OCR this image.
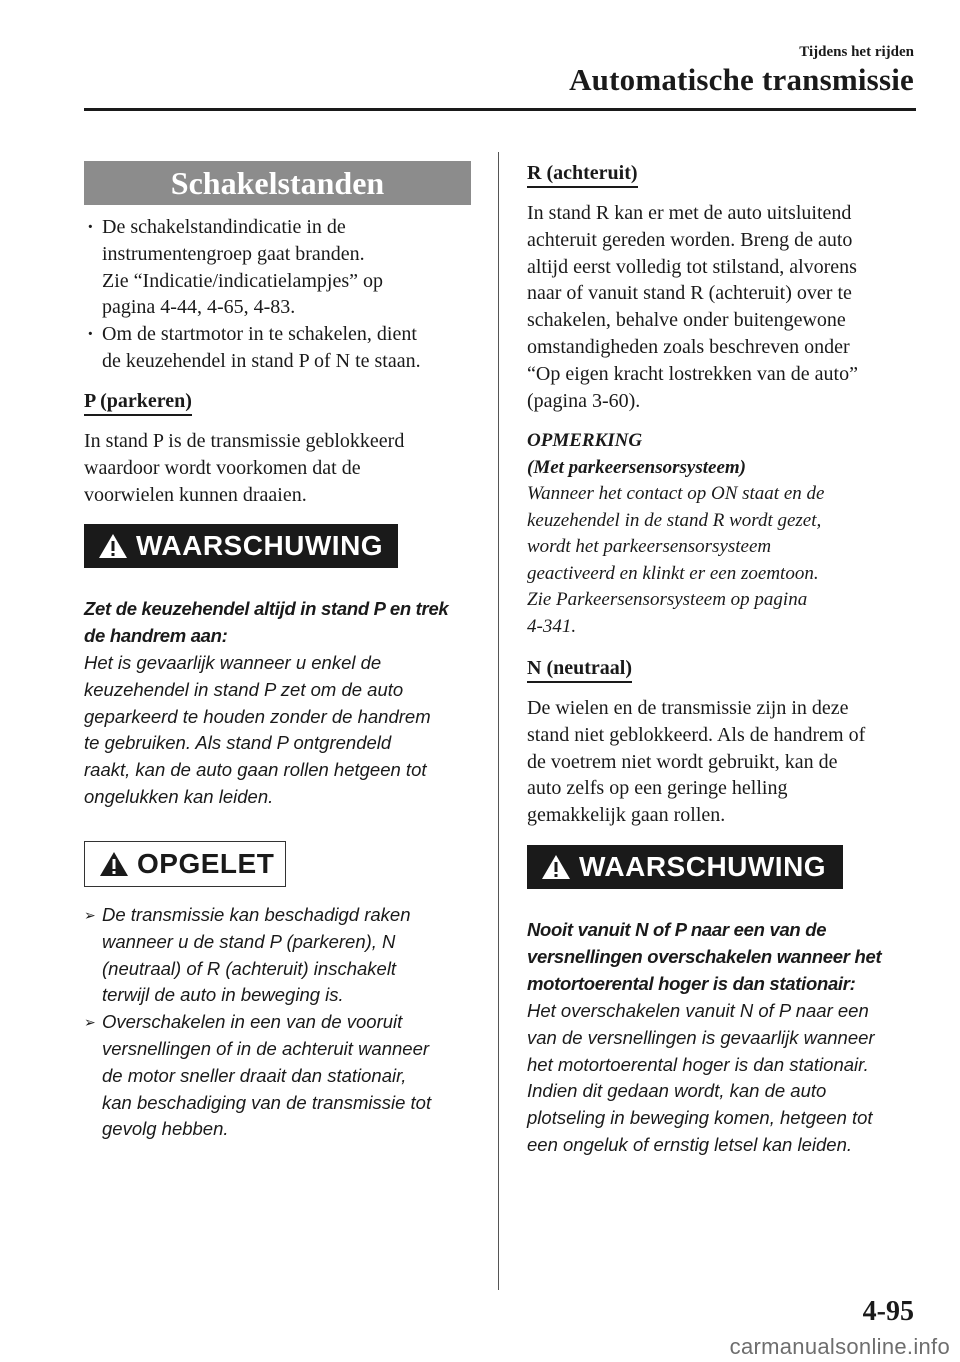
Tijdens het rijden
Automatische transmissie
Schakelstanden
· De schakelstandindicatie in de
instrumentengroep gaat branden.
Zie “Indicatie/indicatielampjes” op
pagina 4-44, 4-65, 4-83.
· Om de startmotor in te schakelen, dient
de keuzehendel in stand P of N te staan.
P (parkeren)

In stand P is de transmissie geblokkeerd
waardoor wordt voorkomen dat de
voorwielen kunnen draaien.

WAARSCHUWING

Zet de keuzehendel altijd in stand P en trek
de handrem aan:

Het is gevaarlijk wanneer u enkel de
keuzehendel in stand P zet om de auto
geparkeerd te houden zonder de handrem
te gebruiken. Als stand P ontgrendeld
raakt, kan de auto gaan rollen hetgeen tot
ongelukken kan leiden.

OPGELET
➢ De transmissie kan beschadigd raken
wanneer u de stand P (parkeren), N
(neutraal) of R (achteruit) inschakelt
terwijl de auto in beweging is.
➢ Overschakelen in een van de vooruit
versnellingen of in de achteruit wanneer
de motor sneller draait dan stationair,
kan beschadiging van de transmissie tot
gevolg hebben.
R (achteruit)

In stand R kan er met de auto uitsluitend
achteruit gereden worden. Breng de auto
altijd eerst volledig tot stilstand, alvorens
naar of vanuit stand R (achteruit) over te
schakelen, behalve onder buitengewone
omstandigheden zoals beschreven onder
“Op eigen kracht lostrekken van de auto”
(pagina 3-60).

OPMERKING
(Met parkeersensorsysteem)

Wanneer het contact op ON staat en de
keuzehendel in de stand R wordt gezet,
wordt het parkeersensorsysteem
geactiveerd en klinkt er een zoemtoon.
Zie Parkeersensorsysteem op pagina
4-341.

N (neutraal)

De wielen en de transmissie zijn in deze
stand niet geblokkeerd. Als de handrem of
de voetrem niet wordt gebruikt, kan de
auto zelfs op een geringe helling
gemakkelijk gaan rollen.

WAARSCHUWING

Nooit vanuit N of P naar een van de
versnellingen overschakelen wanneer het
motortoerental hoger is dan stationair:

Het overschakelen vanuit N of P naar een
van de versnellingen is gevaarlijk wanneer
het motortoerental hoger is dan stationair.
Indien dit gedaan wordt, kan de auto
plotseling in beweging komen, hetgeen tot
een ongeluk of ernstig letsel kan leiden.

4-95
carmanualsonline.info
